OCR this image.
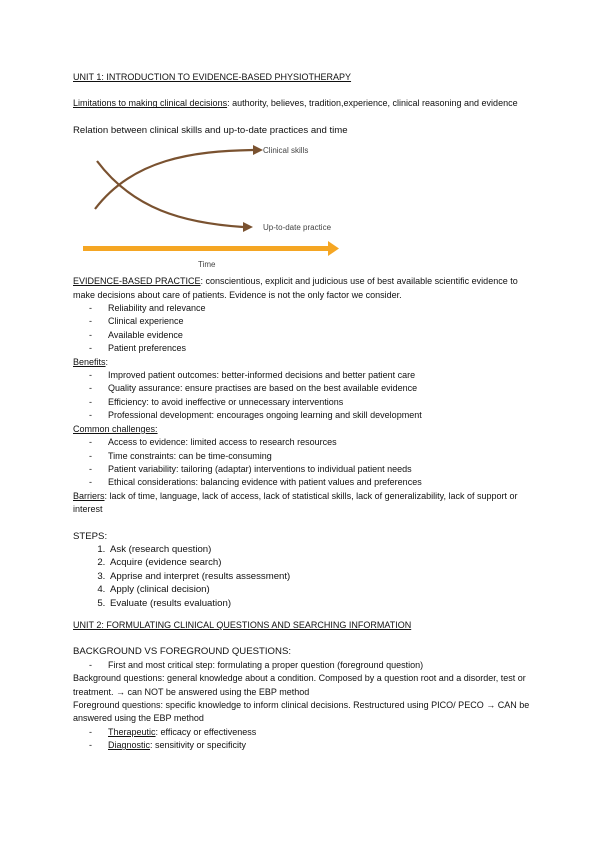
UNIT 1: INTRODUCTION TO EVIDENCE-BASED PHYSIOTHERAPY
Limitations to making clinical decisions: authority, believes, tradition,experience, clinical reasoning and evidence
Relation between clinical skills and up-to-date practices and time
Clinical skills
Up-to-date practice
Time
EVIDENCE-BASED PRACTICE: conscientious, explicit and judicious use of best available scientific evidence to make decisions about care of patients. Evidence is not the only factor we consider.
- Reliability and relevance
- Clinical experience
- Available evidence
- Patient preferences
Benefits:
- Improved patient outcomes: better-informed decisions and better patient care
- Quality assurance: ensure practises are based on the best available evidence
- Efficiency: to avoid ineffective or unnecessary interventions
- Professional development: encourages ongoing learning and skill development
Common challenges:
- Access to evidence: limited access to research resources
- Time constraints: can be time-consuming
- Patient variability: tailoring (adaptar) interventions to individual patient needs
- Ethical considerations: balancing evidence with patient values and preferences
Barriers: lack of time, language, lack of access, lack of statistical skills, lack of generalizability, lack of support or interest
STEPS:
1. Ask (research question)
2. Acquire (evidence search)
3. Apprise and interpret (results assessment)
4. Apply (clinical decision)
5. Evaluate (results evaluation)
UNIT 2: FORMULATING CLINICAL QUESTIONS AND SEARCHING INFORMATION
BACKGROUND VS FOREGROUND QUESTIONS:
- First and most critical step: formulating a proper question (foreground question)
Background questions: general knowledge about a condition. Composed by a question root and a disorder, test or treatment. → can NOT be answered using the EBP method
Foreground questions: specific knowledge to inform clinical decisions. Restructured using PICO/ PECO → CAN be answered using the EBP method
- Therapeutic: efficacy or effectiveness
- Diagnostic: sensitivity or specificity
